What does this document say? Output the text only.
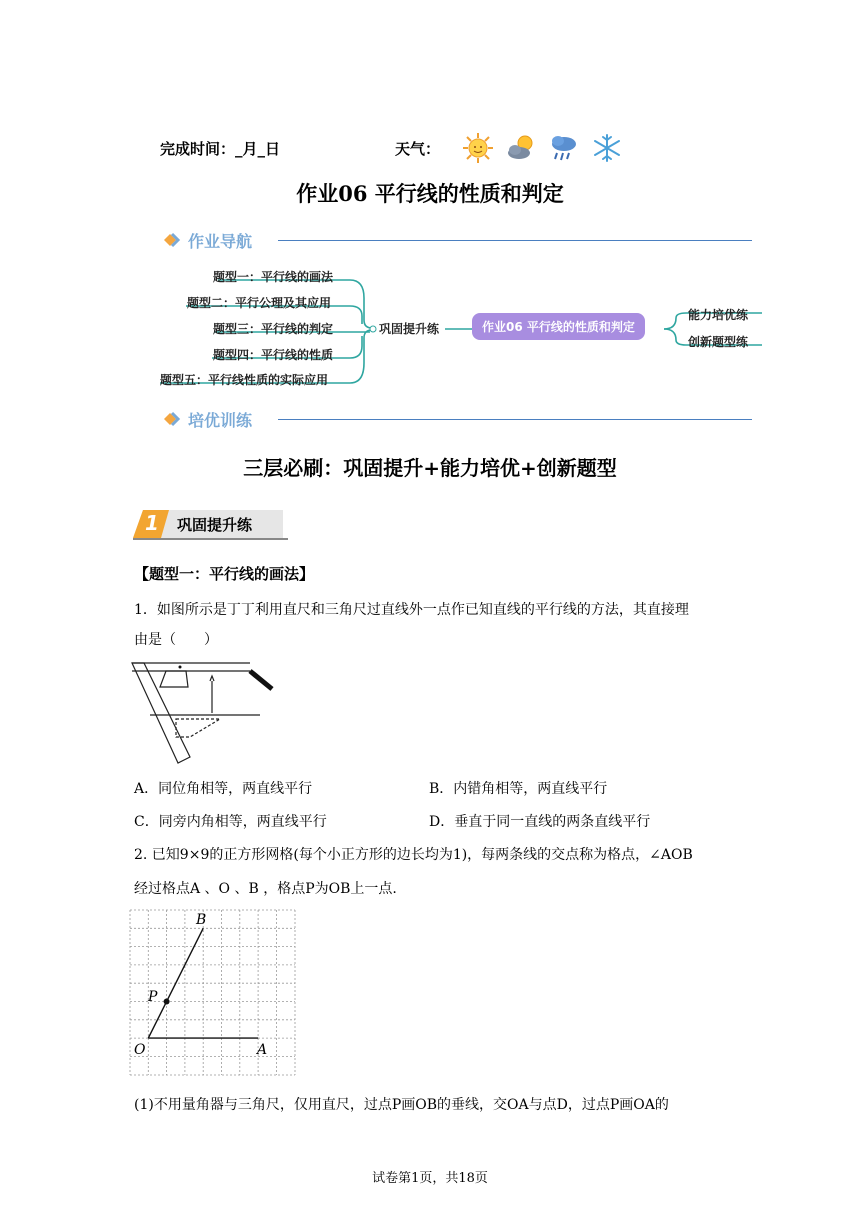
完成时间：_月_日	天气：
作业06 平行线的性质和判定
作业导航
题型一：平行线的画法
题型二：平行公理及其应用
题型三：平行线的判定
题型四：平行线的性质
题型五：平行线性质的实际应用
巩固提升练	作业06 平行线的性质和判定
能力培优练
创新题型练
培优训练
三层必刷：巩固提升+能力培优+创新题型
1 巩固提升练
【题型一：平行线的画法】
1．如图所示是丁丁利用直尺和三角尺过直线外一点作已知直线的平行线的方法，其直接理
由是（　　）
A．同位角相等，两直线平行	B．内错角相等，两直线平行
C．同旁内角相等，两直线平行	D．垂直于同一直线的两条直线平行
2. 已知9×9的正方形网格(每个小正方形的边长均为1)，每两条线的交点称为格点，∠AOB
经过格点A 、O 、B ，格点P为OB上一点.
B
P
O	A
(1)不用量角器与三角尺，仅用直尺，过点P画OB的垂线，交OA与点D，过点P画OA的
试卷第1页，共18页
